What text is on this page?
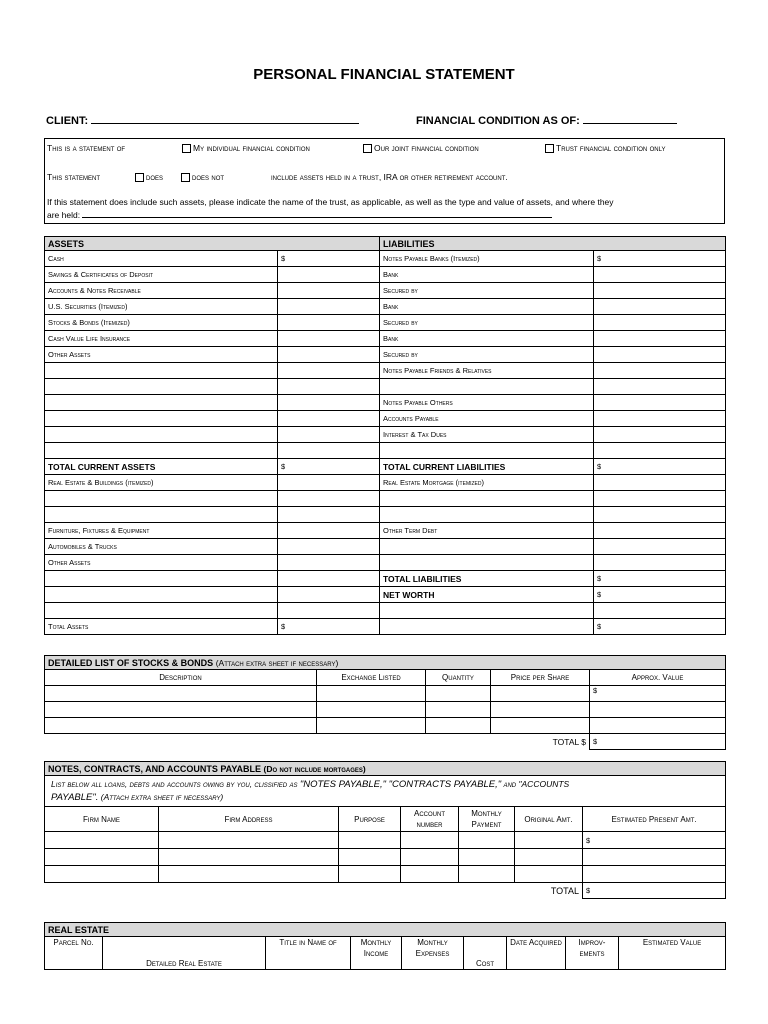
PERSONAL FINANCIAL STATEMENT
CLIENT:	FINANCIAL CONDITION AS OF:
This is a statement of	My individual financial condition	Our joint financial condition	Trust financial condition only
This statement	does	does not	include assets held in a trust, IRA or other retirement account.
If this statement does include such assets, please indicate the name of the trust, as applicable, as well as the type and value of assets, and where they
are held:
ASSETS		LIABILITIES	
Cash	$	Notes Payable Banks (Itemized)	$
Savings & Certificates of Deposit		Bank	
Accounts & Notes Receivable		Secured by	
U.S. Securities (Itemized)		Bank	
Stocks & Bonds (Itemized)		Secured by	
Cash Value Life Insurance		Bank	
Other Assets		Secured by	
		Notes Payable Friends & Relatives	

		Notes Payable Others	
		Accounts Payable	
		Interest & Tax Dues	

TOTAL CURRENT ASSETS	$	TOTAL CURRENT LIABILITIES	$
Real Estate & Buildings (itemized)		Real Estate Mortgage (itemized)	

Furniture, Fixtures & Equipment		Other Term Debt	
Automobiles & Trucks			
Other Assets			
		TOTAL LIABILITIES	$
		NET WORTH	$

Total Assets	$		$
DETAILED LIST OF STOCKS & BONDS (Attach extra sheet if necessary)				
Description	Exchange Listed	Quantity	Price per Share	Approx. Value
				$

TOTAL $				$
NOTES, CONTRACTS, AND ACCOUNTS PAYABLE (Do not include mortgages)						
List below all loans, debts and accounts owing by you, clissified as "NOTES PAYABLE," "CONTRACTS PAYABLE," and "ACCOUNTS
PAYABLE". (Attach extra sheet if necessary)						
Firm Name	Firm Address	Purpose	Account number	Monthly Payment	Original Amt.	Estimated Present Amt.
						$

TOTAL						$
REAL ESTATE
Parcel No.	Detailed Real Estate	Title in Name of	Monthly Income	Monthly Expenses	Cost	Date Acquired	Improv- ements	Estimated Value
